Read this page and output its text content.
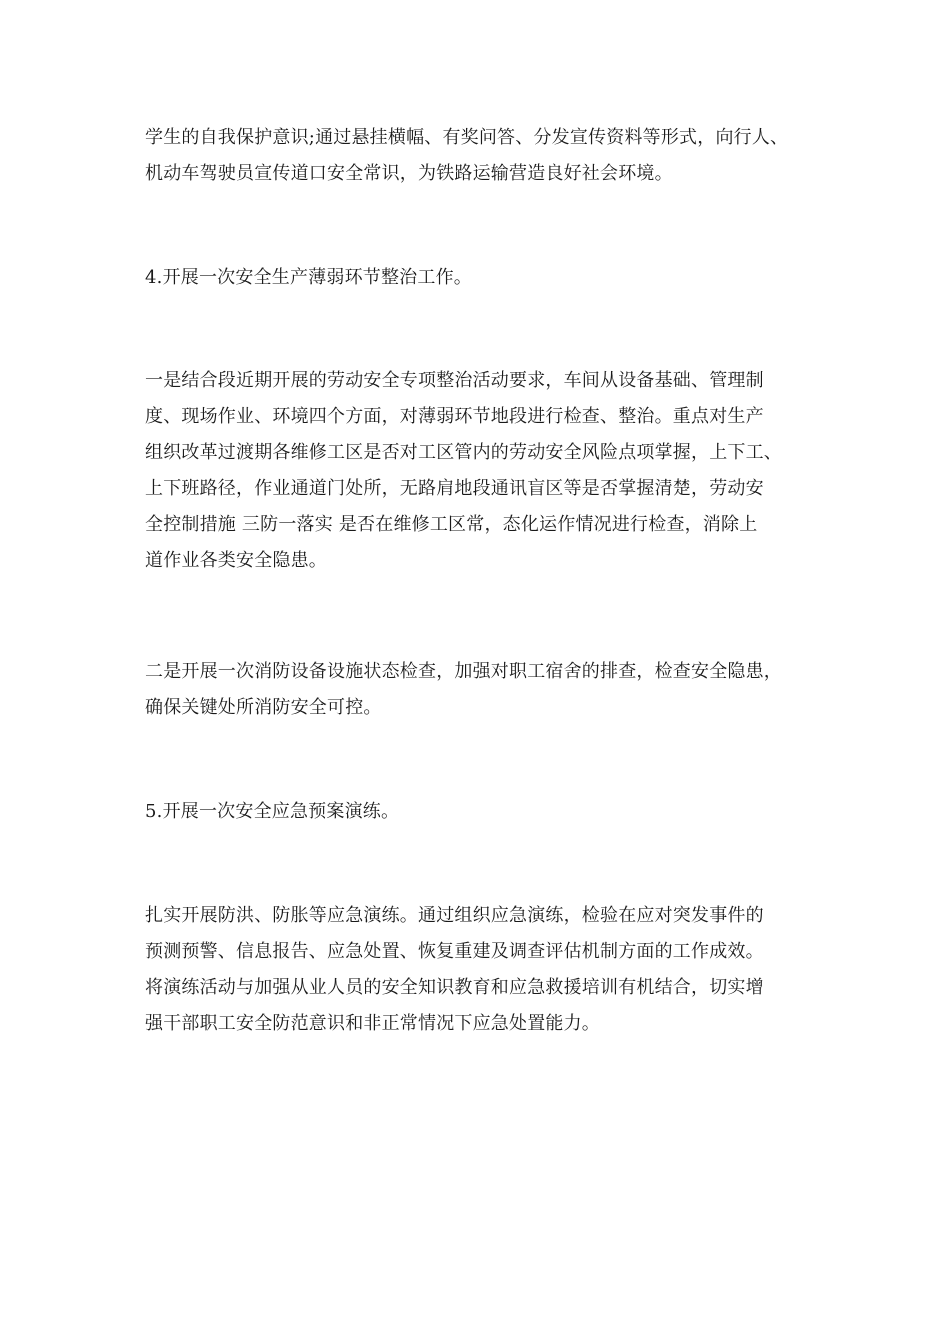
学生的自我保护意识;通过悬挂横幅、有奖问答、分发宣传资料等形式，向行人、
机动车驾驶员宣传道口安全常识，为铁路运输营造良好社会环境。
4.开展一次安全生产薄弱环节整治工作。
一是结合段近期开展的劳动安全专项整治活动要求，车间从设备基础、管理制
度、现场作业、环境四个方面，对薄弱环节地段进行检查、整治。重点对生产
组织改革过渡期各维修工区是否对工区管内的劳动安全风险点项掌握，上下工、
上下班路径，作业通道门处所，无路肩地段通讯盲区等是否掌握清楚，劳动安
全控制措施 三防一落实 是否在维修工区常，态化运作情况进行检查，消除上
道作业各类安全隐患。
二是开展一次消防设备设施状态检查，加强对职工宿舍的排查，检查安全隐患，
确保关键处所消防安全可控。
5.开展一次安全应急预案演练。
扎实开展防洪、防胀等应急演练。通过组织应急演练，检验在应对突发事件的
预测预警、信息报告、应急处置、恢复重建及调查评估机制方面的工作成效。
将演练活动与加强从业人员的安全知识教育和应急救援培训有机结合，切实增
强干部职工安全防范意识和非正常情况下应急处置能力。
